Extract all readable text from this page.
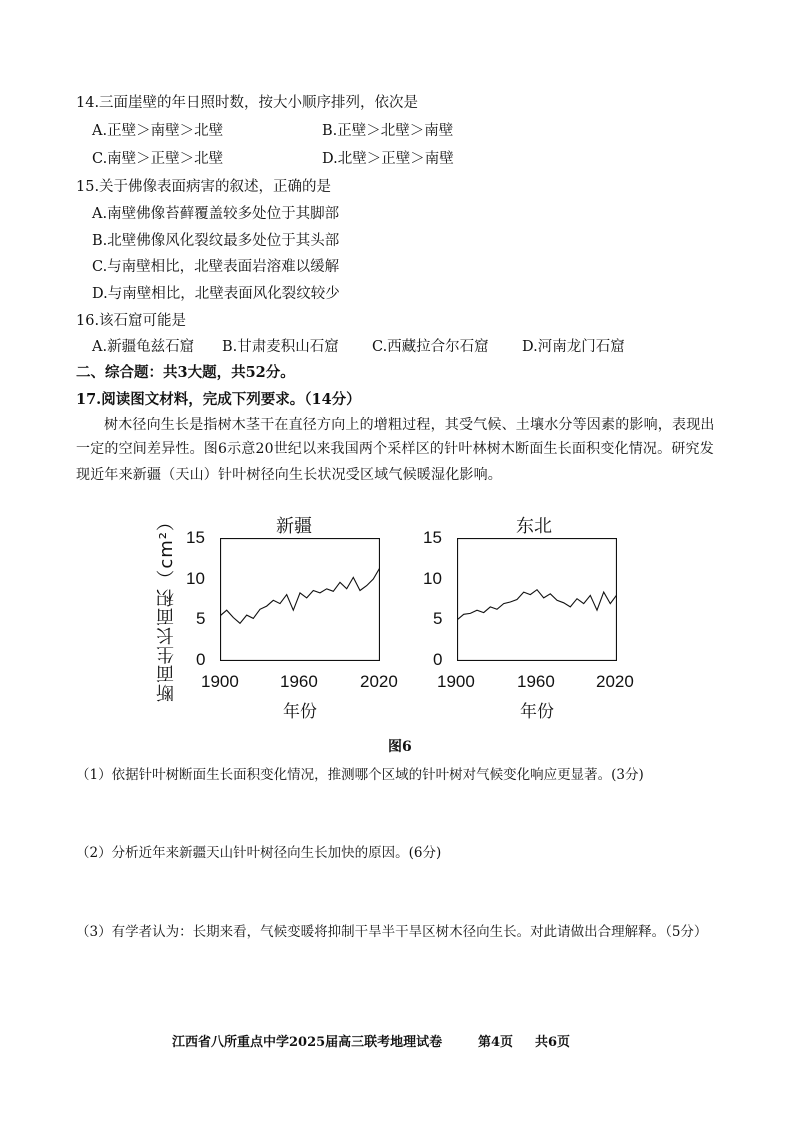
14.三面崖壁的年日照时数，按大小顺序排列，依次是
A.正壁＞南壁＞北壁	B.正壁＞北壁＞南壁
C.南壁＞正壁＞北壁	D.北壁＞正壁＞南壁
15.关于佛像表面病害的叙述，正确的是
A.南壁佛像苔藓覆盖较多处位于其脚部
B.北壁佛像风化裂纹最多处位于其头部
C.与南壁相比，北壁表面岩溶难以缓解
D.与南壁相比，北壁表面风化裂纹较少
16.该石窟可能是
A.新疆龟兹石窟 B.甘肃麦积山石窟 C.西藏拉合尔石窟 D.河南龙门石窟
二、综合题：共3大题，共52分。
17.阅读图文材料，完成下列要求。（14分）
树木径向生长是指树木茎干在直径方向上的增粗过程，其受气候、土壤水分等因素的影响，表现出
一定的空间差异性。图6示意20世纪以来我国两个采样区的针叶林树木断面生长面积变化情况。研究发
现近年来新疆（天山）针叶树径向生长状况受区域气候暖湿化影响。
断面生长面积（cm²）	新疆	东北
15
10
5
0
1900 1960 2020
年份
15
10
5
0
1900 1960 2020
年份
图6
（1）依据针叶树断面生长面积变化情况，推测哪个区域的针叶树对气候变化响应更显著。(3分)
（2）分析近年来新疆天山针叶树径向生长加快的原因。(6分)
（3）有学者认为：长期来看，气候变暖将抑制干旱半干旱区树木径向生长。对此请做出合理解释。（5分）
江西省八所重点中学2025届高三联考地理试卷	第4页 共6页
